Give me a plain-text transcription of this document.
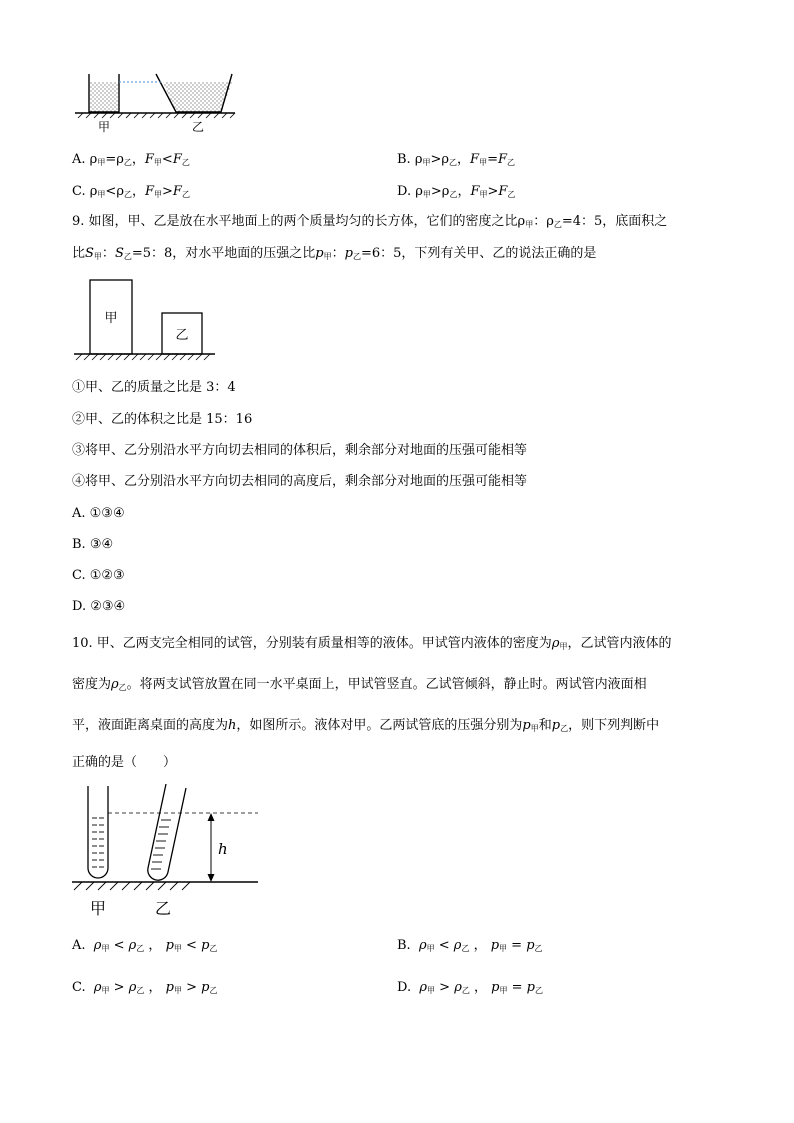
甲	乙
A. ρ甲=ρ乙，F甲<F乙	B. ρ甲>ρ乙，F甲=F乙
C. ρ甲<ρ乙，F甲>F乙	D. ρ甲>ρ乙，F甲>F乙
9. 如图，甲、乙是放在水平地面上的两个质量均匀的长方体，它们的密度之比ρ甲：ρ乙=4：5，底面积之
比S甲：S乙=5：8，对水平地面的压强之比p甲：p乙=6：5，下列有关甲、乙的说法正确的是
甲
乙
①甲、乙的质量之比是 3：4
②甲、乙的体积之比是 15：16
③将甲、乙分别沿水平方向切去相同的体积后，剩余部分对地面的压强可能相等
④将甲、乙分别沿水平方向切去相同的高度后，剩余部分对地面的压强可能相等
A. ①③④
B. ③④
C. ①②③
D. ②③④
10. 甲、乙两支完全相同的试管，分别装有质量相等的液体。甲试管内液体的密度为ρ甲，乙试管内液体的
密度为ρ乙。将两支试管放置在同一水平桌面上，甲试管竖直。乙试管倾斜，静止时。两试管内液面相
平，液面距离桌面的高度为h，如图所示。液体对甲。乙两试管底的压强分别为p甲和p乙，则下列判断中
正确的是（　　）
h
甲	乙
A. ρ甲 < ρ乙 ， p甲 < p乙	B. ρ甲 < ρ乙 ， p甲 = p乙
C. ρ甲 > ρ乙 ， p甲 > p乙	D. ρ甲 > ρ乙 ， p甲 = p乙
